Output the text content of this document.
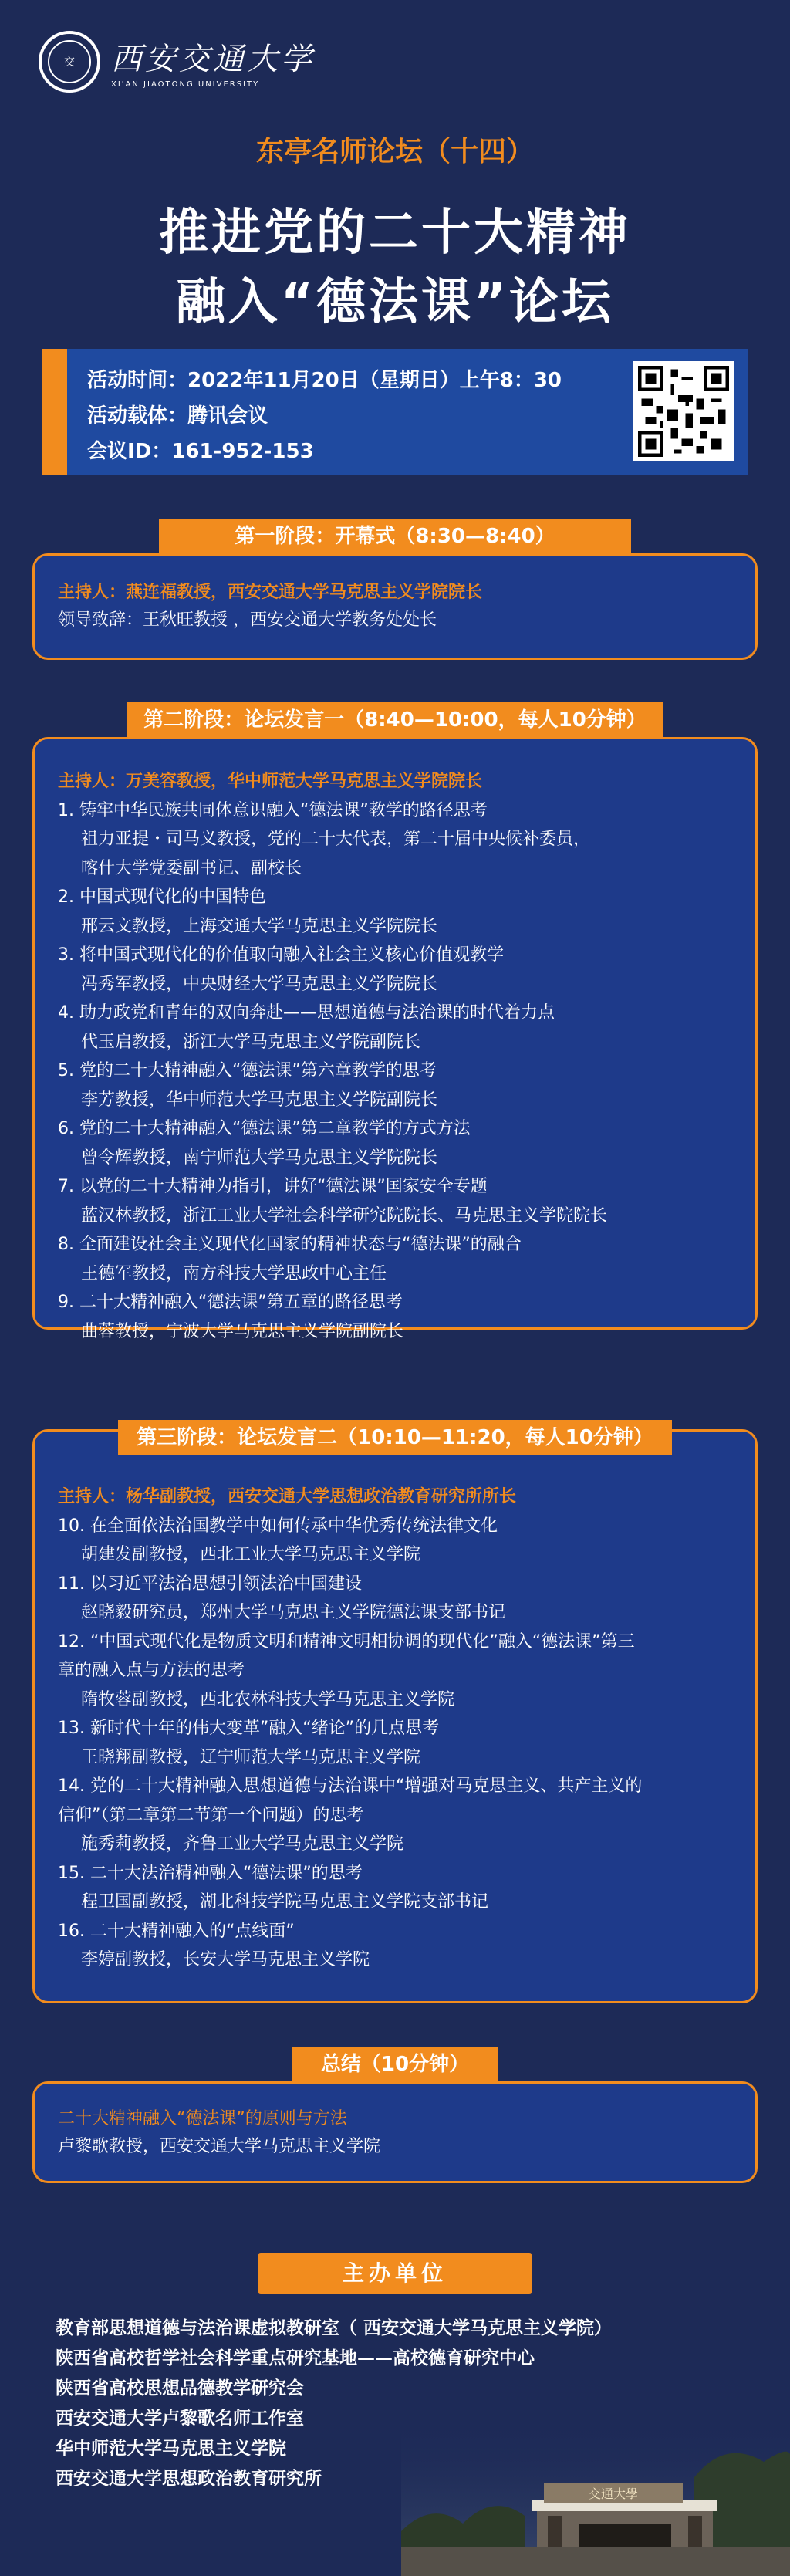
交	西安交通大学
XI'AN JIAOTONG UNIVERSITY
东亭名师论坛（十四）
推进党的二十大精神
融入“德法课”论坛
活动时间：2022年11月20日（星期日）上午8：30
活动载体：腾讯会议
会议ID：161-952-153
第一阶段：开幕式（8:30—8:40）
主持人：燕连福教授，西安交通大学马克思主义学院院长
领导致辞：王秋旺教授 ，西安交通大学教务处处长
第二阶段：论坛发言一（8:40—10:00，每人10分钟）
主持人：万美容教授，华中师范大学马克思主义学院院长
1. 铸牢中华民族共同体意识融入“德法课”教学的路径思考
祖力亚提・司马义教授，党的二十大代表，第二十届中央候补委员，
喀什大学党委副书记、副校长
2. 中国式现代化的中国特色
邢云文教授，上海交通大学马克思主义学院院长
3. 将中国式现代化的价值取向融入社会主义核心价值观教学
冯秀军教授，中央财经大学马克思主义学院院长
4. 助力政党和青年的双向奔赴——思想道德与法治课的时代着力点
代玉启教授，浙江大学马克思主义学院副院长
5. 党的二十大精神融入“德法课”第六章教学的思考
李芳教授，华中师范大学马克思主义学院副院长
6. 党的二十大精神融入“德法课”第二章教学的方式方法
曾令辉教授，南宁师范大学马克思主义学院院长
7. 以党的二十大精神为指引，讲好“德法课”国家安全专题
蓝汉林教授，浙江工业大学社会科学研究院院长、马克思主义学院院长
8. 全面建设社会主义现代化国家的精神状态与“德法课”的融合
王德军教授，南方科技大学思政中心主任
9. 二十大精神融入“德法课”第五章的路径思考
曲蓉教授，宁波大学马克思主义学院副院长
第三阶段：论坛发言二（10:10—11:20，每人10分钟）
主持人：杨华副教授，西安交通大学思想政治教育研究所所长
10. 在全面依法治国教学中如何传承中华优秀传统法律文化
胡建发副教授，西北工业大学马克思主义学院
11. 以习近平法治思想引领法治中国建设
赵晓毅研究员，郑州大学马克思主义学院德法课支部书记
12. “中国式现代化是物质文明和精神文明相协调的现代化”融入“德法课”第三
章的融入点与方法的思考
隋牧蓉副教授，西北农林科技大学马克思主义学院
13. 新时代十年的伟大变革”融入“绪论”的几点思考
王晓翔副教授，辽宁师范大学马克思主义学院
14. 党的二十大精神融入思想道德与法治课中“增强对马克思主义、共产主义的
信仰”（第二章第二节第一个问题）的思考
施秀莉教授，齐鲁工业大学马克思主义学院
15. 二十大法治精神融入“德法课”的思考
程卫国副教授，湖北科技学院马克思主义学院支部书记
16. 二十大精神融入的“点线面”
李婷副教授，长安大学马克思主义学院
总结（10分钟）
二十大精神融入“德法课”的原则与方法
卢黎歌教授，西安交通大学马克思主义学院
主办单位
教育部思想道德与法治课虚拟教研室（ 西安交通大学马克思主义学院）
陕西省高校哲学社会科学重点研究基地——高校德育研究中心
陕西省高校思想品德教学研究会
西安交通大学卢黎歌名师工作室
华中师范大学马克思主义学院
西安交通大学思想政治教育研究所
交通大學
